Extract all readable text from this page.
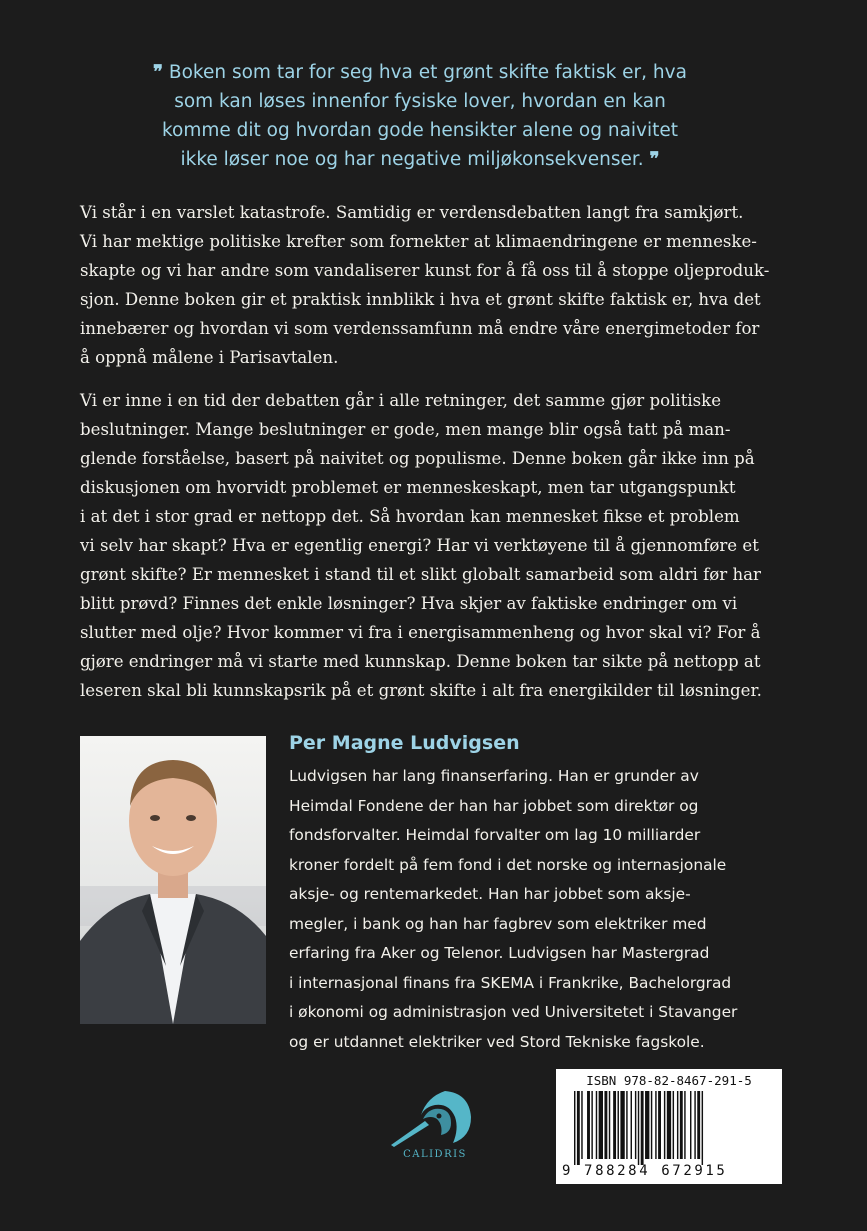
❞ Boken som tar for seg hva et grønt skifte faktisk er, hva
som kan løses innenfor fysiske lover, hvordan en kan
komme dit og hvordan gode hensikter alene og naivitet
ikke løser noe og har negative miljøkonsekvenser. ❞
Vi står i en varslet katastrofe. Samtidig er verdensdebatten langt fra samkjørt.
Vi har mektige politiske krefter som fornekter at klimaendringene er menneske-
skapte og vi har andre som vandaliserer kunst for å få oss til å stoppe oljeproduk-
sjon. Denne boken gir et praktisk innblikk i hva et grønt skifte faktisk er, hva det
innebærer og hvordan vi som verdenssamfunn må endre våre energimetoder for
å oppnå målene i Parisavtalen.
Vi er inne i en tid der debatten går i alle retninger, det samme gjør politiske
beslutninger. Mange beslutninger er gode, men mange blir også tatt på man-
glende forståelse, basert på naivitet og populisme. Denne boken går ikke inn på
diskusjonen om hvorvidt problemet er menneskeskapt, men tar utgangspunkt
i at det i stor grad er nettopp det. Så hvordan kan mennesket fikse et problem
vi selv har skapt? Hva er egentlig energi? Har vi verktøyene til å gjennomføre et
grønt skifte? Er mennesket i stand til et slikt globalt samarbeid som aldri før har
blitt prøvd? Finnes det enkle løsninger? Hva skjer av faktiske endringer om vi
slutter med olje? Hvor kommer vi fra i energisammenheng og hvor skal vi? For å
gjøre endringer må vi starte med kunnskap. Denne boken tar sikte på nettopp at
leseren skal bli kunnskapsrik på et grønt skifte i alt fra energikilder til løsninger.
Per Magne Ludvigsen
Ludvigsen har lang finanserfaring. Han er grunder av
Heimdal Fondene der han har jobbet som direktør og
fondsforvalter. Heimdal forvalter om lag 10 milliarder
kroner fordelt på fem fond i det norske og internasjonale
aksje- og rentemarkedet. Han har jobbet som aksje-
megler, i bank og han har fagbrev som elektriker med
erfaring fra Aker og Telenor. Ludvigsen har Mastergrad
i internasjonal finans fra SKEMA i Frankrike, Bachelorgrad
i økonomi og administrasjon ved Universitetet i Stavanger
og er utdannet elektriker ved Stord Tekniske fagskole.
CALIDRIS
ISBN 978-82-8467-291-5
9 788284 672915
